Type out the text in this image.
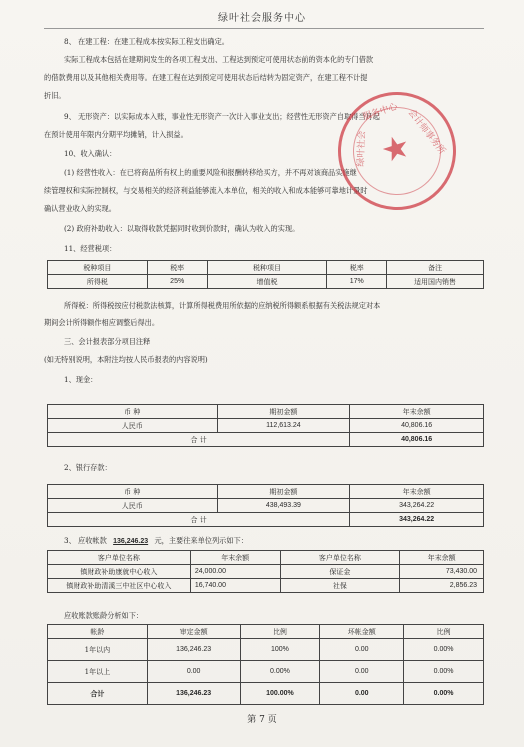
绿叶社会服务中心
8、 在建工程：在建工程成本按实际工程支出确定。
实际工程成本包括在建期间发生的各项工程支出、工程达到预定可使用状态前的资本化的专门借款
的借款费用以及其他相关费用等。在建工程在达到预定可使用状态后结转为固定资产，在建工程不计提
折旧。
9、 无形资产：以实际成本入账，事业性无形资产一次计入事业支出；经营性无形资产自取得当月起
在预计使用年限内分期平均摊销，计入损益。
10、收入确认：
(1) 经营性收入：在已将商品所有权上的重要风险和报酬转移给买方，并不再对该商品实施继
续管理权和实际控制权，与交易相关的经济利益能够流入本单位，相关的收入和成本能够可靠地计量时
确认营业收入的实现。
(2) 政府补助收入：以取得收款凭据同时收到价款时，确认为收入的实现。
11、经营税项：
税种项目	税率	税种项目	税率	备注
所得税	25%	增值税	17%	适用国内销售
所得税：所得税按应付税款法核算，计算所得税费用所依据的应纳税所得额系根据有关税法规定对本
期间会计所得额作相应调整后得出。
三、会计报表部分项目注释
(如无特别说明，本附注均按人民币报表的内容说明)
1、现金：
币 种	期初金额	年末余额
人民币	112,613.24	40,806.16
合 计		40,806.16
2、银行存款：
币 种	期初金额	年末余额
人民币	438,493.39	343,264.22
合 计		343,264.22
3、 应收帐款 136,246.23 元，主要往来单位列示如下：
客户单位名称	年末余额	客户单位名称	年末余额
镇财政补助康就中心收入	24,000.00	保证金	73,430.00
镇财政补助清溪三中社区中心收入	16,740.00	社保	2,856.23
应收账款账龄分析如下：
帐龄	审定金额	比例	坏帐金额	比例
1年以内	136,246.23	100%	0.00	0.00%
1年以上	0.00	0.00%	0.00	0.00%
合计	136,246.23	100.00%	0.00	0.00%
★
绿叶社会
服务中心 会计师事务所
第 7 页
